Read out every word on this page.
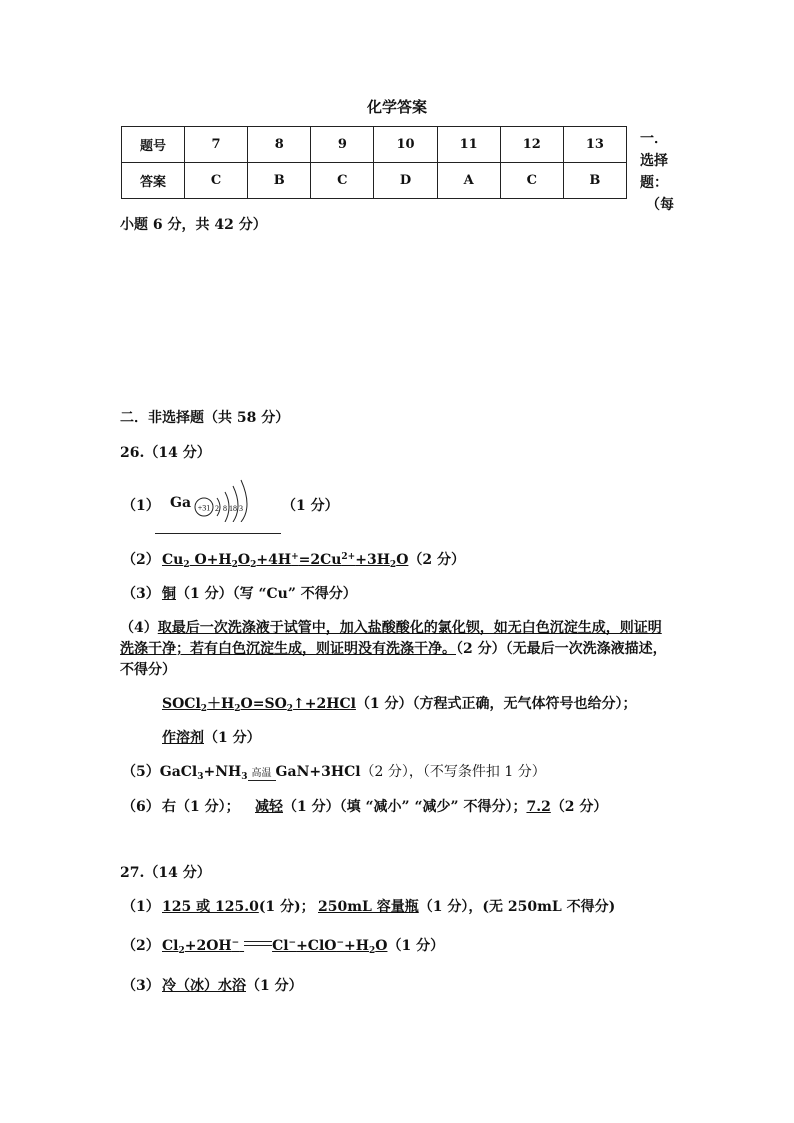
化学答案
题号	7	8	9	10	11	12	13
答案	C	B	C	D	A	C	B
一．
选择
题：
（每
小题 6 分，共 42 分）
二．非选择题（共 58 分）
26.（14 分）
（1） Ga +31 2  8 18 3	（1 分）
（2） $Cu_2$ $O+H_2O_2+4H^+=2Cu^{2+}+3H_2O(2$ 分）
（3） 铜（1 分）（写 “Cu” 不得分）
（4）取最后一次洗涤液于试管中，加入盐酸酸化的氯化钡，如无白色沉淀生成，则证明
洗涤干净；若有白色沉淀生成，则证明没有洗涤干净。（2 分）（无最后一次洗涤液描述，
不得分）
$SOCl_2+H_2O=SO_2↑+2HCl(1$ 分）（方程式正确，无气体符号也给分）；
作溶剂（1 分）
$(5)GaCl_3+NH_3$ 高温 GaN+3HCl（2 分），（不写条件扣 1 分）
（6） 右（1 分）； 减轻（1 分）（填 “减小” “减少” 不得分）；7.2（2 分）
27.（14 分）
（1） 125 或 125.0(1 分)； 250mL 容量瓶（1 分），(无 250mL 不得分)
（2） $Cl_2+2OH^-$ $Cl^-+ClO^-+H_2O(1$ 分）
（3） 冷（冰）水浴（1 分）
